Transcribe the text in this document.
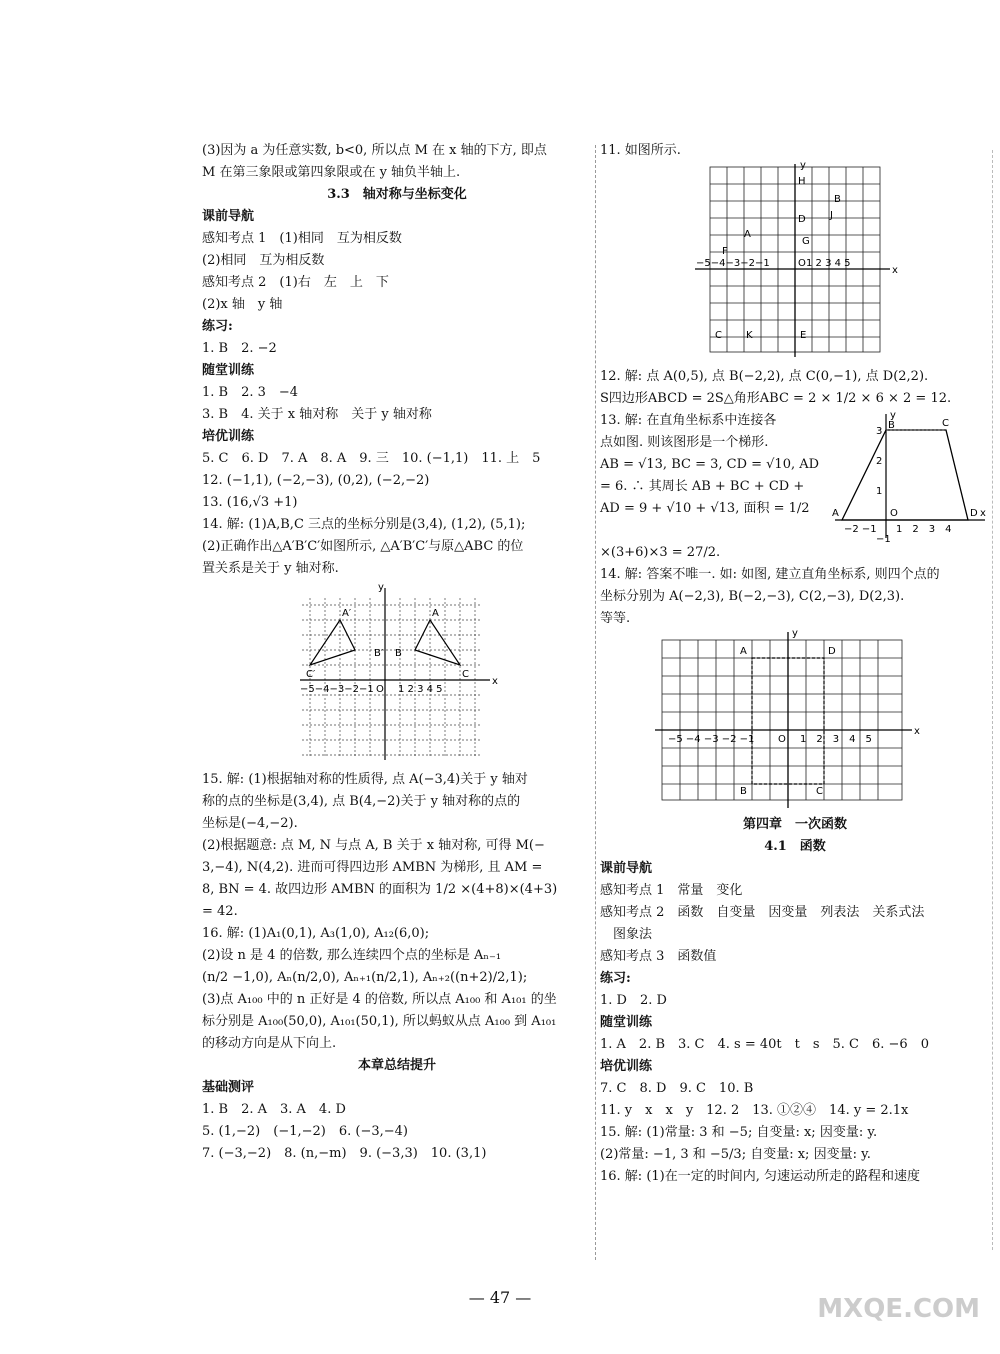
(3)因为 a 为任意实数, b<0, 所以点 M 在 x 轴的下方, 即点
M 在第三象限或第四象限或在 y 轴负半轴上.
3.3　轴对称与坐标变化
课前导航
感知考点 1　(1)相同　互为相反数
(2)相同　互为相反数
感知考点 2　(1)右　左　上　下
(2)x 轴　y 轴
练习:
1. B　2. −2
随堂训练
1. B　2. 3　−4
3. B　4. 关于 x 轴对称　关于 y 轴对称
培优训练
5. C　6. D　7. A　8. A　9. 三　10. (−1,1)　11. 上　5
12. (−1,1), (−2,−3), (0,2), (−2,−2)
13. (16,√3 +1)
14. 解: (1)A,B,C 三点的坐标分别是(3,4), (1,2), (5,1);
(2)正确作出△A′B′C′如图所示, △A′B′C′与原△ABC 的位
置关系是关于 y 轴对称.
x
y
A′	A
B
B′
C′	C
O
−5−4−3−2−1 1 2 3 4 5
15. 解: (1)根据轴对称的性质得, 点 A(−3,4)关于 y 轴对
称的点的坐标是(3,4), 点 B(4,−2)关于 y 轴对称的点的
坐标是(−4,−2).
(2)根据题意: 点 M, N 与点 A, B 关于 x 轴对称, 可得 M(−
3,−4), N(4,2). 进而可得四边形 AMBN 为梯形, 且 AM =
8, BN = 4. 故四边形 AMBN 的面积为 1/2 ×(4+8)×(4+3)
= 42.
16. 解: (1)A₁(0,1), A₃(1,0), A₁₂(6,0);
(2)设 n 是 4 的倍数, 那么连续四个点的坐标是 Aₙ₋₁
(n/2 −1,0), Aₙ(n/2,0), Aₙ₊₁(n/2,1), Aₙ₊₂((n+2)/2,1);
(3)点 A₁₀₀ 中的 n 正好是 4 的倍数, 所以点 A₁₀₀ 和 A₁₀₁ 的坐
标分别是 A₁₀₀(50,0), A₁₀₁(50,1), 所以蚂蚁从点 A₁₀₀ 到 A₁₀₁
的移动方向是从下向上.
本章总结提升
基础测评
1. B　2. A　3. A　4. D
5. (1,−2)　(−1,−2)　6. (−3,−4)
7. (−3,−2)　8. (n,−m)　9. (−3,3)　10. (3,1)
11. 如图所示.
x
y
H
B
J
D
G
A
F
O
C K	E
−5−4−3−2−1	1 2 3 4 5
12. 解: 点 A(0,5), 点 B(−2,2), 点 C(0,−1), 点 D(2,2).
S四边形ABCD = 2S△角形ABC = 2 × 1/2 × 6 × 2 = 12.
13. 解: 在直角坐标系中连接各
点如图. 则该图形是一个梯形.
AB = √13, BC = 3, CD = √10, AD
= 6. ∴ 其周长 AB + BC + CD +
AD = 9 + √10 + √13, 面积 = 1/2	x
y
B	C
A	D
O
3
2
1
−2 −1 1　2　3　4
−1
×(3+6)×3 = 27/2.
14. 解: 答案不唯一. 如: 如图, 建立直角坐标系, 则四个点的
坐标分别为 A(−2,3), B(−2,−3), C(2,−3), D(2,3).
等等.
x
y
A	D
B	C
O
−5 −4 −3 −2 −1	1　2　3　4　5
第四章　一次函数
4.1　函数
课前导航
感知考点 1　常量　变化
感知考点 2　函数　自变量　因变量　列表法　关系式法
　图象法
感知考点 3　函数值
练习:
1. D　2. D
随堂训练
1. A　2. B　3. C　4. s = 40t　t　s　5. C　6. −6　0
培优训练
7. C　8. D　9. C　10. B
11. y　x　x　y　12. 2　13. ①②④　14. y = 2.1x
15. 解: (1)常量: 3 和 −5; 自变量: x; 因变量: y.
(2)常量: −1, 3 和 −5/3; 自变量: x; 因变量: y.
16. 解: (1)在一定的时间内, 匀速运动所走的路程和速度
— 47 —	MXQE.COM
